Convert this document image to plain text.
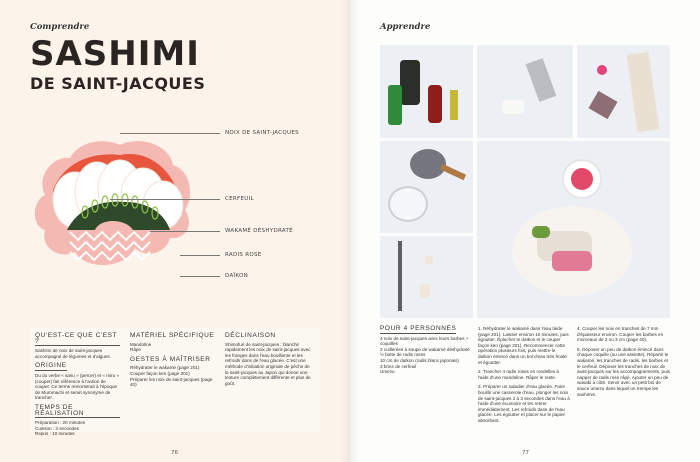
Comprendre
SASHIMI
DE SAINT-JACQUES
NOIX DE SAINT-JACQUES
CERFEUIL
WAKAMÉ DÉSHYDRATÉ
RADIS ROSE
DAÏKON
QU'EST-CE QUE C'EST ?
Sashimi de noix de saint-jacques accompagné de légumes et d'algues.
ORIGINE
Du du verbe « sasu » (percer) et « miru » (couper) fait référence à l'action de couper. Ce terme remonterait à l'époque de Muromachi et serait synonyme de trancher.
TEMPS DE RÉALISATION
Préparation : 20 minutes
Cuisson : 3 secondes
Repos : 10 minutes
MATÉRIEL SPÉCIFIQUE
Mandoline
Râpe
GESTES À MAÎTRISER
Réhydrater le wakamé (page 201)
Couper façon ken (page 201)
Préparer les noix de saint-jacques (page 40)
DÉCLINAISON
Shimofuri de saint-jacques : blanchir rapidement les noix de saint-jacques avec les franges dans l'eau bouillante et les refroidir dans de l'eau glacée. C'est une méthode d'initiation originale de pêche de la saint-jacques au Japon qui donne une texture complètement différente et plus de goût.
76
Apprendre
POUR 4 PERSONNES
4 noix de saint-jacques avec leurs barbes + coquilles
2 cuillerées à soupe de wakamé déshydraté
½ botte de radis roses
10 cm de daïkon (radis blanc japonais)
3 brins de cerfeuil
Umezu
1. Réhydrater le wakamé dans l'eau tiède (page 201). Laisser environ 10 minutes, puis égoutter. Éplucher le daïkon et le couper façon ken (page 201). Recommencer cette opération plusieurs fois, puis mettre le daïkon émincé dans un bol d'eau très froide et égoutter.
2. Trancher 4 radis roses en rondelles à l'aide d'une mandoline. Râper le reste.
3. Préparer un saladier d'eau glacée. Faire bouillir une casserole d'eau, plonger les noix de saint-jacques 2 à 3 secondes dans l'eau à l'aide d'une écumoire et les retirer immédiatement. Les refroidir dans de l'eau glacée. Les égoutter et placer sur le papier absorbant.
4. Couper les noix en tranches de 7 mm d'épaisseur environ. Couper les barbes en morceaux de 2 ou 3 cm (page 40).
5. Déposer un peu de daïkon émincé dans chaque coquille (ou une assiette). Répartir le wakamé, les tranches de radis, les barbes et le cerfeuil. Déposer les tranches de noix de saint-jacques sur les accompagnements, puis napper de radis rose râpé. Ajouter un peu de wasabi à côté. Servir avec un petit bol de sauce umezu dans lequel on trempe les sashimis.
77
